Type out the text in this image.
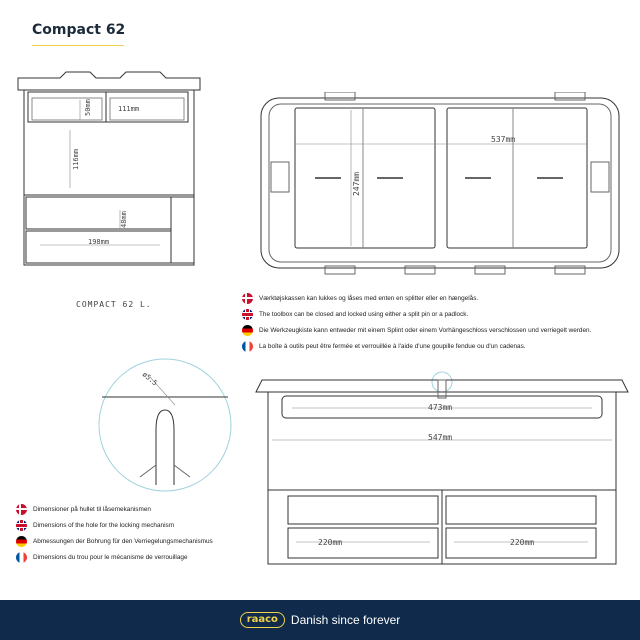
Compact 62
50mm	111mm
116mm
48mm
198mm
COMPACT 62 L.
537mm
247mm
Værktøjskassen kan lukkes og låses med enten en splitter eller en hængelås.
The toolbox can be closed and locked using either a split pin or a padlock.
Die Werkzeugkiste kann entweder mit einem Splint oder einem Vorhängeschloss verschlossen und verriegelt werden.
La boîte à outils peut être fermée et verrouillée à l'aide d'une goupille fendue ou d'un cadenas.
ø5.5
473mm
547mm
220mm	220mm
Dimensioner på hullet til låsemekanismen
Dimensions of the hole for the locking mechanism
Abmessungen der Bohrung für den Verriegelungsmechanismus
Dimensions du trou pour le mécanisme de verrouillage
raaco	Danish since forever
